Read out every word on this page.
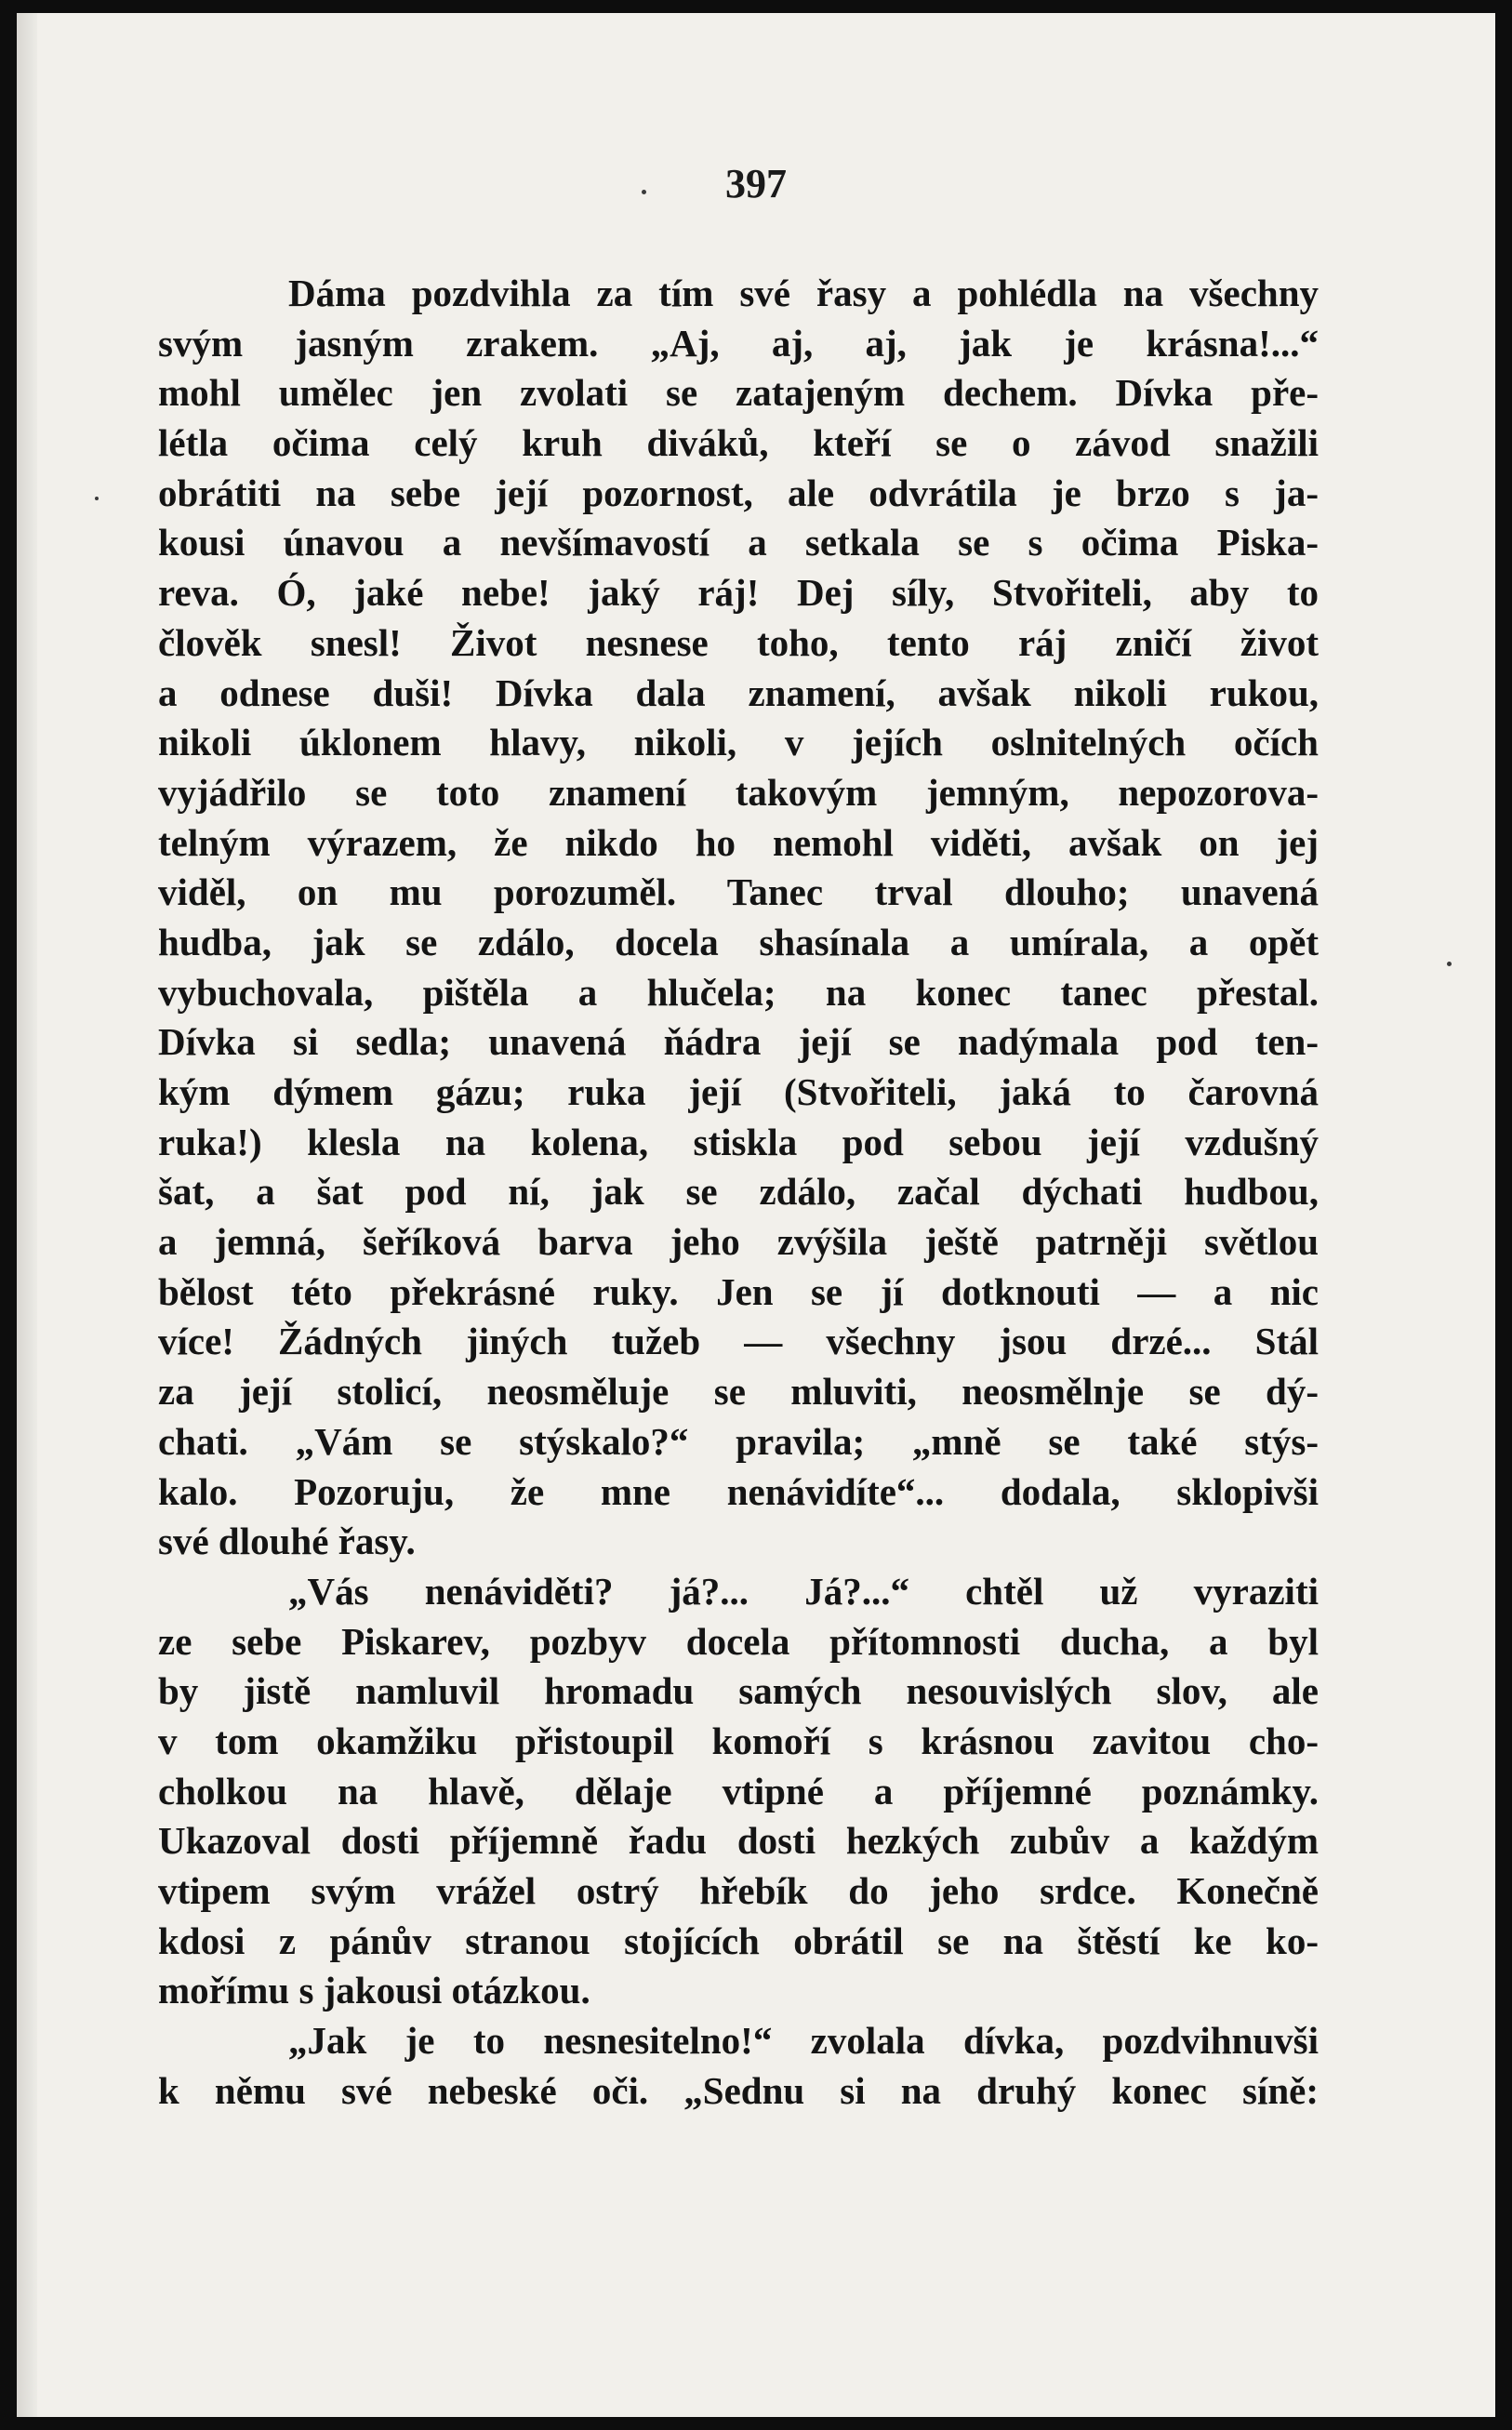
397
Dáma pozdvihla za tím své řasy a pohlédla na všechny
svým jasným zrakem. „Aj, aj, aj, jak je krásna!...“
mohl umělec jen zvolati se zatajeným dechem. Dívka pře-
létla očima celý kruh diváků, kteří se o závod snažili
obrátiti na sebe její pozornost, ale odvrátila je brzo s ja-
kousi únavou a nevšímavostí a setkala se s očima Piska-
reva. Ó, jaké nebe! jaký ráj! Dej síly, Stvořiteli, aby to
člověk snesl! Život nesnese toho, tento ráj zničí život
a odnese duši! Dívka dala znamení, avšak nikoli rukou,
nikoli úklonem hlavy, nikoli, v jejích oslnitelných očích
vyjádřilo se toto znamení takovým jemným, nepozorova-
telným výrazem, že nikdo ho nemohl viděti, avšak on jej
viděl, on mu porozuměl. Tanec trval dlouho; unavená
hudba, jak se zdálo, docela shasínala a umírala, a opět
vybuchovala, pištěla a hlučela; na konec tanec přestal.
Dívka si sedla; unavená ňádra její se nadýmala pod ten-
kým dýmem gázu; ruka její (Stvořiteli, jaká to čarovná
ruka!) klesla na kolena, stiskla pod sebou její vzdušný
šat, a šat pod ní, jak se zdálo, začal dýchati hudbou,
a jemná, šeříková barva jeho zvýšila ještě patrněji světlou
bělost této překrásné ruky. Jen se jí dotknouti — a nic
více! Žádných jiných tužeb — všechny jsou drzé... Stál
za její stolicí, neosměluje se mluviti, neosmělnje se dý-
chati. „Vám se stýskalo?“ pravila; „mně se také stýs-
kalo. Pozoruju, že mne nenávidíte“... dodala, sklopivši
své dlouhé řasy.
„Vás nenáviděti? já?... Já?...“ chtěl už vyraziti
ze sebe Piskarev, pozbyv docela přítomnosti ducha, a byl
by jistě namluvil hromadu samých nesouvislých slov, ale
v tom okamžiku přistoupil komoří s krásnou zavitou cho-
cholkou na hlavě, dělaje vtipné a příjemné poznámky.
Ukazoval dosti příjemně řadu dosti hezkých zubův a každým
vtipem svým vrážel ostrý hřebík do jeho srdce. Konečně
kdosi z pánův stranou stojících obrátil se na štěstí ke ko-
mořímu s jakousi otázkou.
„Jak je to nesnesitelno!“ zvolala dívka, pozdvihnuvši
k němu své nebeské oči. „Sednu si na druhý konec síně:
